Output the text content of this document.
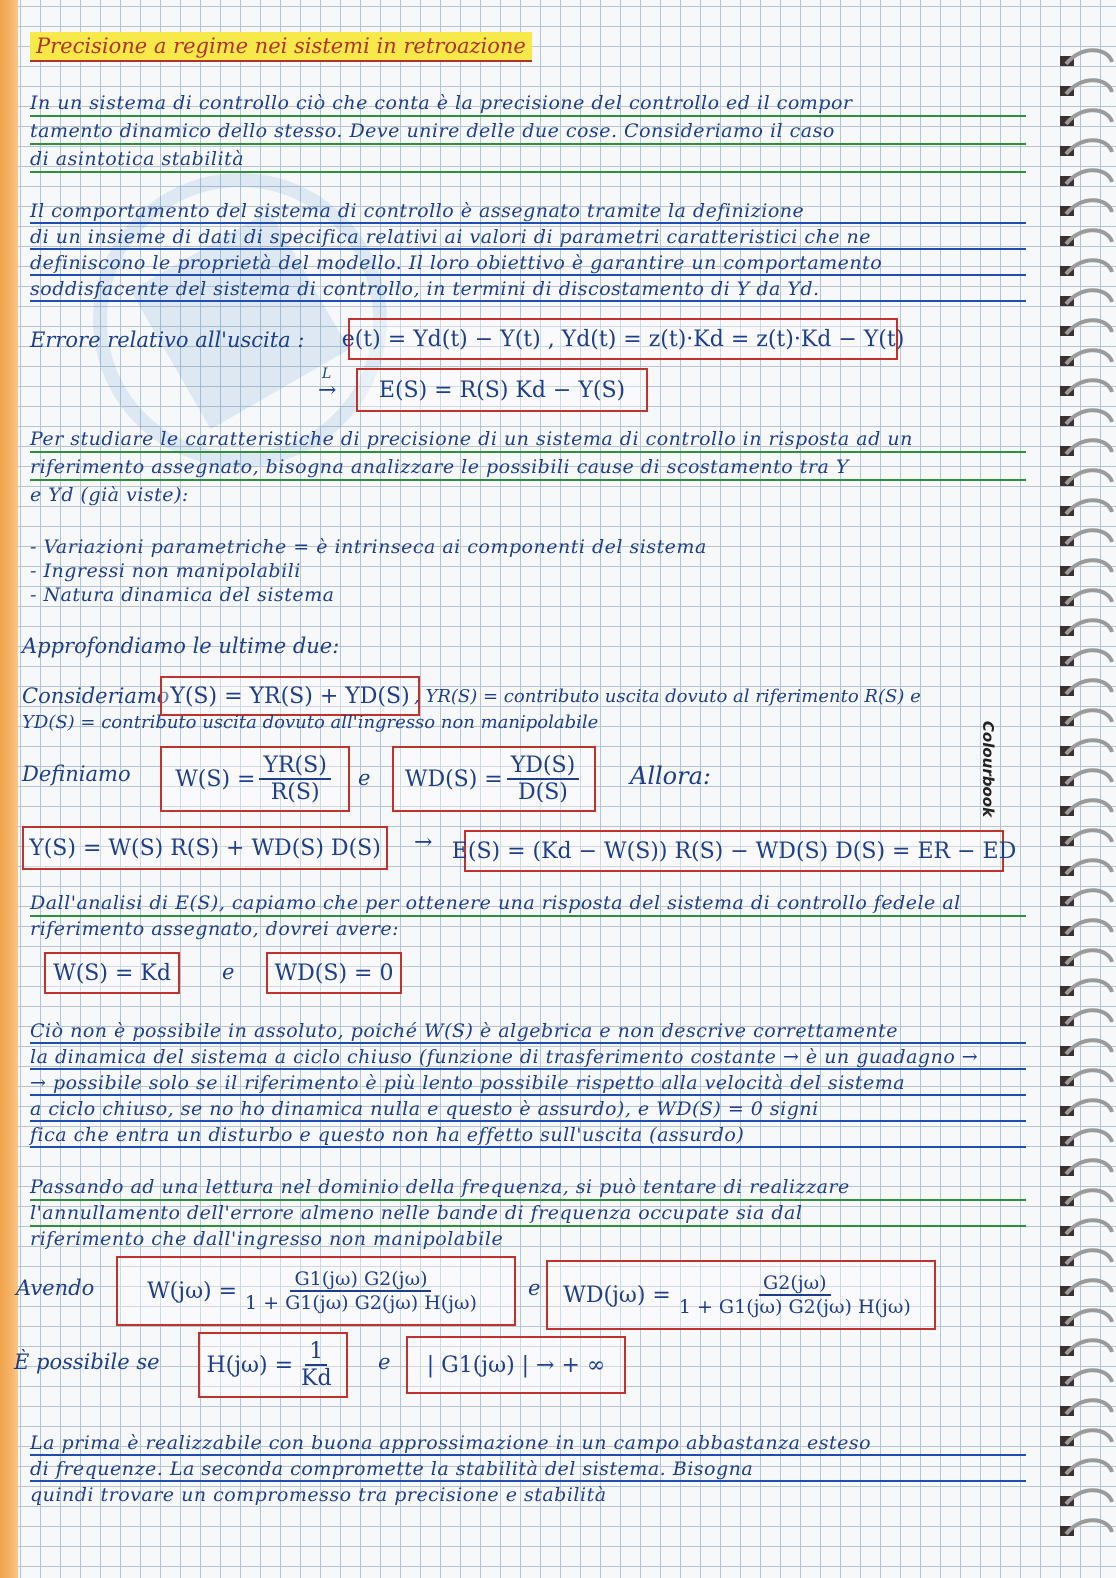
Colourbook
Precisione a regime nei sistemi in retroazione
In un sistema di controllo ciò che conta è la precisione del controllo ed il compor
tamento dinamico dello stesso. Deve unire delle due cose. Consideriamo il caso
di asintotica stabilità
Il comportamento del sistema di controllo è assegnato tramite la definizione
di un insieme di dati di specifica relativi ai valori di parametri caratteristici che ne
definiscono le proprietà del modello. Il loro obiettivo è garantire un comportamento
soddisfacente del sistema di controllo, in termini di discostamento di Y da Yd.
Errore relativo all'uscita : e(t) = Yd(t) − Y(t) , Yd(t) = z(t)·Kd = z(t)·Kd − Y(t)
L
→	E(S) = R(S) Kd − Y(S)
Per studiare le caratteristiche di precisione di un sistema di controllo in risposta ad un
riferimento assegnato, bisogna analizzare le possibili cause di scostamento tra Y
e Yd (già viste):
- Variazioni parametriche = è intrinseca ai componenti del sistema
- Ingressi non manipolabili
- Natura dinamica del sistema
Approfondiamo le ultime due:
Consideriamo Y(S) = YR(S) + YD(S) , YR(S) = contributo uscita dovuto al riferimento R(S) e
YD(S) = contributo uscita dovuto all'ingresso non manipolabile
Definiamo $W(S) = \frac{YR(S)}{R(S)}$ e $WD(S) = \frac{YD(S)}{D(S)}$ Allora:
Y(S) = W(S) R(S) + WD(S) D(S)	→ E(S) = (Kd − W(S)) R(S) − WD(S) D(S) = ER − ED
Dall'analisi di E(S), capiamo che per ottenere una risposta del sistema di controllo fedele al
riferimento assegnato, dovrei avere:
W(S) = Kd	e	WD(S) = 0
Ciò non è possibile in assoluto, poiché W(S) è algebrica e non descrive correttamente
la dinamica del sistema a ciclo chiuso (funzione di trasferimento costante → è un guadagno →
→ possibile solo se il riferimento è più lento possibile rispetto alla velocità del sistema
a ciclo chiuso, se no ho dinamica nulla e questo è assurdo), e WD(S) = 0 signi
fica che entra un disturbo e questo non ha effetto sull'uscita (assurdo)
Passando ad una lettura nel dominio della frequenza, si può tentare di realizzare
l'annullamento dell'errore almeno nelle bande di frequenza occupate sia dal
riferimento che dall'ingresso non manipolabile
Avendo $W(j\omega) = \frac{G1(j\omega) G2(j\omega)}{1 + G1(j\omega) G2(j\omega) H(j\omega)}$ e $WD(j\omega) = \frac{G2(j\omega)}{1 + G1(j\omega) G2(j\omega) H(j\omega)}$
È possibile se $H(j\omega) = \frac{1}{Kd}$ e	| G1(jω) | → + ∞
La prima è realizzabile con buona approssimazione in un campo abbastanza esteso
di frequenze. La seconda compromette la stabilità del sistema. Bisogna
quindi trovare un compromesso tra precisione e stabilità
